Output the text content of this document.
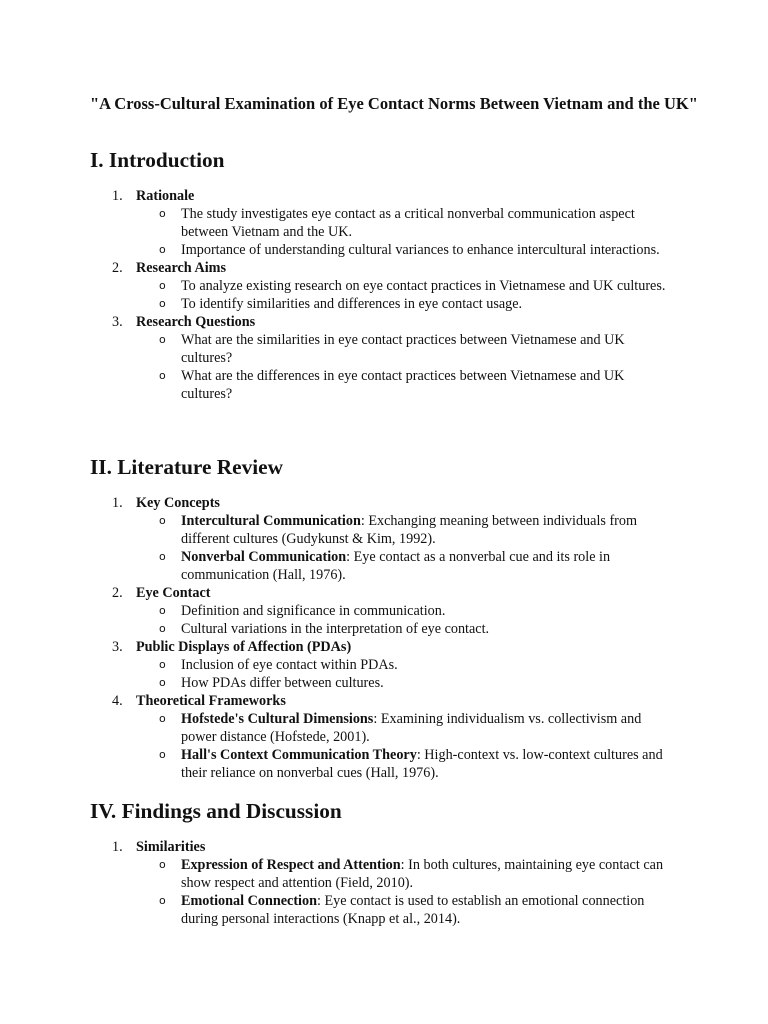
"A Cross-Cultural Examination of Eye Contact Norms Between Vietnam and the UK"
I. Introduction
1. Rationale
o The study investigates eye contact as a critical nonverbal communication aspect between Vietnam and the UK.
o Importance of understanding cultural variances to enhance intercultural interactions.
2. Research Aims
o To analyze existing research on eye contact practices in Vietnamese and UK cultures.
o To identify similarities and differences in eye contact usage.
3. Research Questions
o What are the similarities in eye contact practices between Vietnamese and UK cultures?
o What are the differences in eye contact practices between Vietnamese and UK cultures?
II. Literature Review
1. Key Concepts
o Intercultural Communication: Exchanging meaning between individuals from different cultures (Gudykunst & Kim, 1992).
o Nonverbal Communication: Eye contact as a nonverbal cue and its role in communication (Hall, 1976).
2. Eye Contact
o Definition and significance in communication.
o Cultural variations in the interpretation of eye contact.
3. Public Displays of Affection (PDAs)
o Inclusion of eye contact within PDAs.
o How PDAs differ between cultures.
4. Theoretical Frameworks
o Hofstede's Cultural Dimensions: Examining individualism vs. collectivism and power distance (Hofstede, 2001).
o Hall's Context Communication Theory: High-context vs. low-context cultures and their reliance on nonverbal cues (Hall, 1976).
IV. Findings and Discussion
1. Similarities
o Expression of Respect and Attention: In both cultures, maintaining eye contact can show respect and attention (Field, 2010).
o Emotional Connection: Eye contact is used to establish an emotional connection during personal interactions (Knapp et al., 2014).
